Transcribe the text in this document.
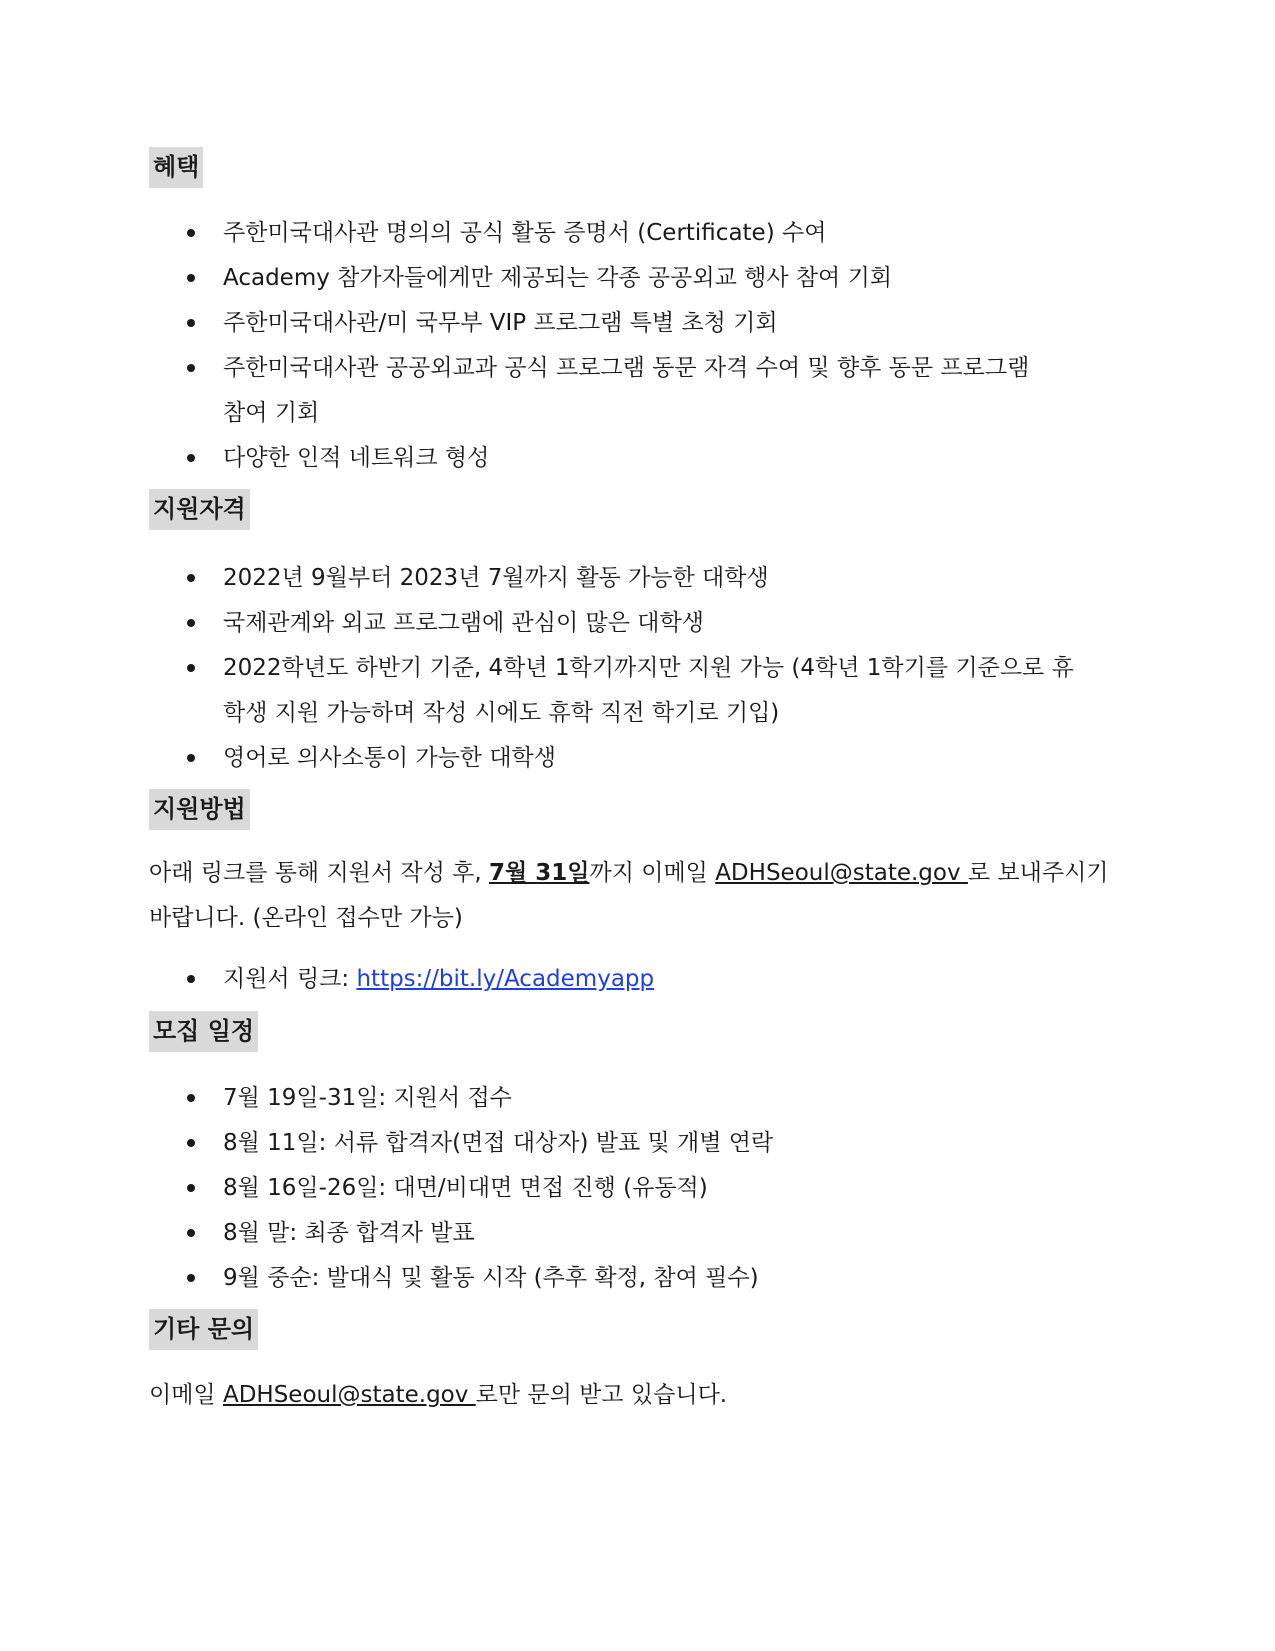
혜택
주한미국대사관 명의의 공식 활동 증명서 (Certificate) 수여
Academy 참가자들에게만 제공되는 각종 공공외교 행사 참여 기회
주한미국대사관/미 국무부 VIP 프로그램 특별 초청 기회
주한미국대사관 공공외교과 공식 프로그램 동문 자격 수여 및 향후 동문 프로그램
참여 기회
다양한 인적 네트워크 형성
지원자격
2022년 9월부터 2023년 7월까지 활동 가능한 대학생
국제관계와 외교 프로그램에 관심이 많은 대학생
2022학년도 하반기 기준, 4학년 1학기까지만 지원 가능 (4학년 1학기를 기준으로 휴
학생 지원 가능하며 작성 시에도 휴학 직전 학기로 기입)
영어로 의사소통이 가능한 대학생
지원방법
아래 링크를 통해 지원서 작성 후, 7월 31일까지 이메일 ADHSeoul@state.gov 로 보내주시기
바랍니다. (온라인 접수만 가능)
지원서 링크: https://bit.ly/Academyapp
모집 일정
7월 19일-31일: 지원서 접수
8월 11일: 서류 합격자(면접 대상자) 발표 및 개별 연락
8월 16일-26일: 대면/비대면 면접 진행 (유동적)
8월 말: 최종 합격자 발표
9월 중순: 발대식 및 활동 시작 (추후 확정, 참여 필수)
기타 문의
이메일 ADHSeoul@state.gov 로만 문의 받고 있습니다.
